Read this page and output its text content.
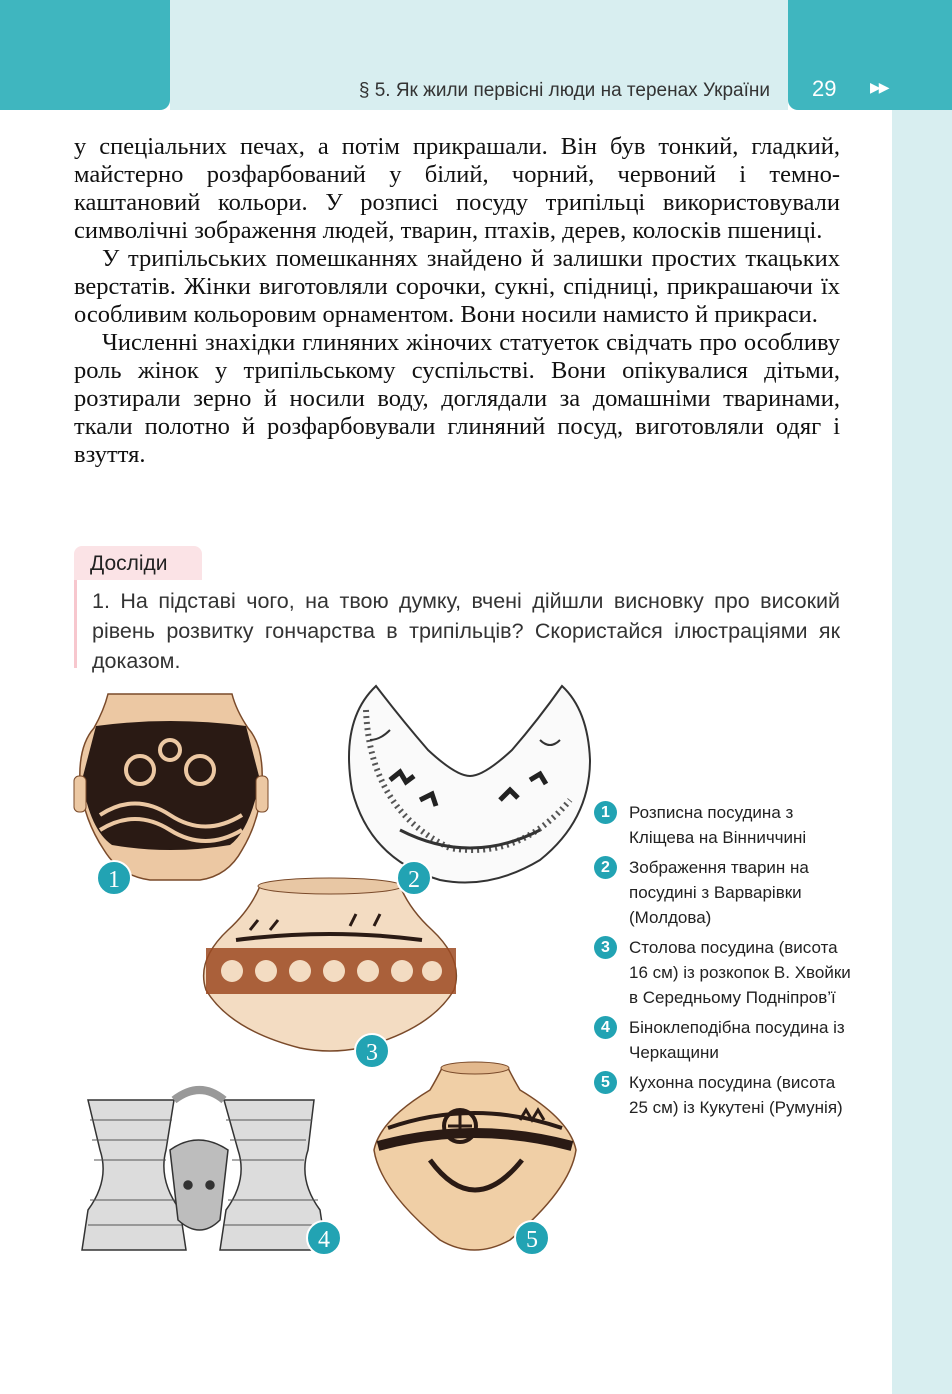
§ 5. Як жили первісні люди на теренах України 29 ▶▶

у спеціальних печах, а потім прикрашали. Він був тонкий, гладкий, майстерно розфарбований у білий, чорний, червоний і темно-каштановий кольори. У розписі посуду трипільці використовували символічні зображення людей, тварин, птахів, дерев, колосків пшениці.

У трипільських помешканнях знайдено й залишки простих ткацьких верстатів. Жінки виготовляли сорочки, сукні, спідниці, прикрашаючи їх особливим кольоровим орнаментом. Вони носили намисто й прикраси.

Численні знахідки глиняних жіночих статуеток свідчать про особливу роль жінок у трипільському суспільстві. Вони опікувалися дітьми, розтирали зерно й носили воду, доглядали за домашніми тваринами, ткали полотно й розфарбовували глиняний посуд, виготовляли одяг і взуття.

Досліди
1. На підставі чого, на твою думку, вчені дійшли висновку про високий рівень розвитку гончарства в трипільців? Скористайся ілюстраціями як доказом.
1	2
3
4	5
1	Розписна посудина з Кліщева на Вінниччині
2	Зображення тварин на посудині з Варварівки (Молдова)
3	Столова посудина (висота 16 см) із розкопок В. Хвойки в Середньому Подніпров’ї
4	Біноклеподібна посудина із Черкащини
5	Кухонна посудина (висота 25 см) із Кукутені (Румунія)
